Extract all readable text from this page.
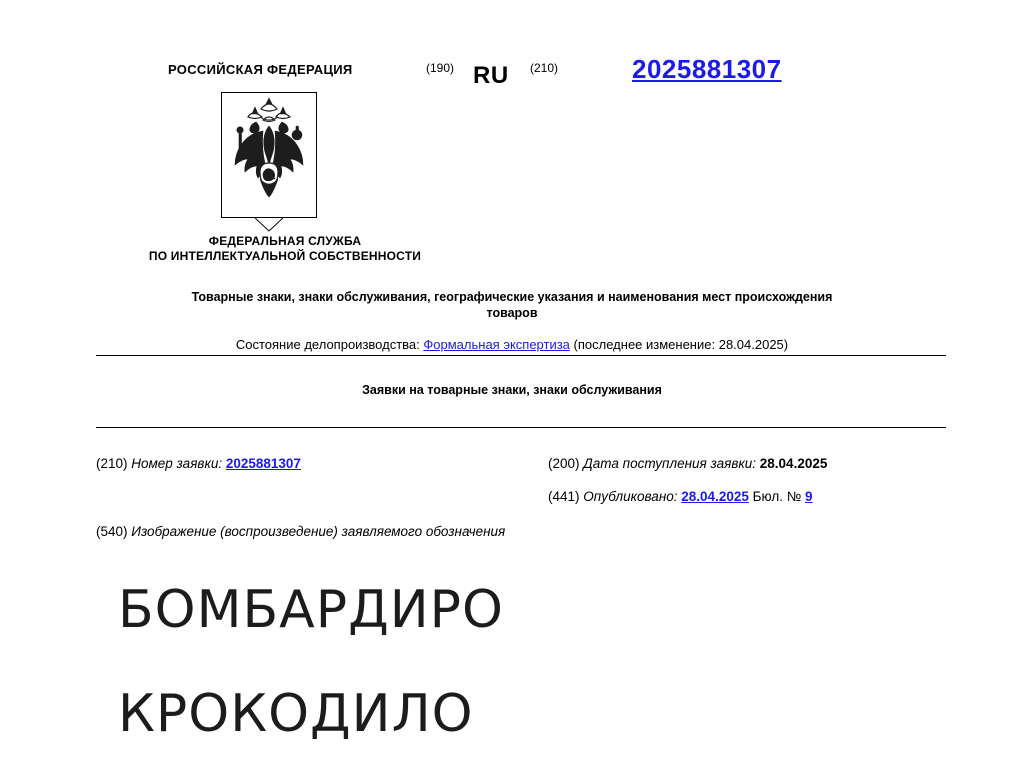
РОССИЙСКАЯ ФЕДЕРАЦИЯ	(190) RU (210)	2025881307
ФЕДЕРАЛЬНАЯ СЛУЖБА
ПО ИНТЕЛЛЕКТУАЛЬНОЙ СОБСТВЕННОСТИ
Товарные знаки, знаки обслуживания, географические указания и наименования мест происхождения
товаров
Состояние делопроизводства: Формальная экспертиза (последнее изменение: 28.04.2025)
Заявки на товарные знаки, знаки обслуживания
(210) Номер заявки: 2025881307	(200) Дата поступления заявки: 28.04.2025
(441) Опубликовано: 28.04.2025 Бюл. № 9
(540) Изображение (воспроизведение) заявляемого обозначения
БОМБАРДИРО
КРОКОДИЛО
